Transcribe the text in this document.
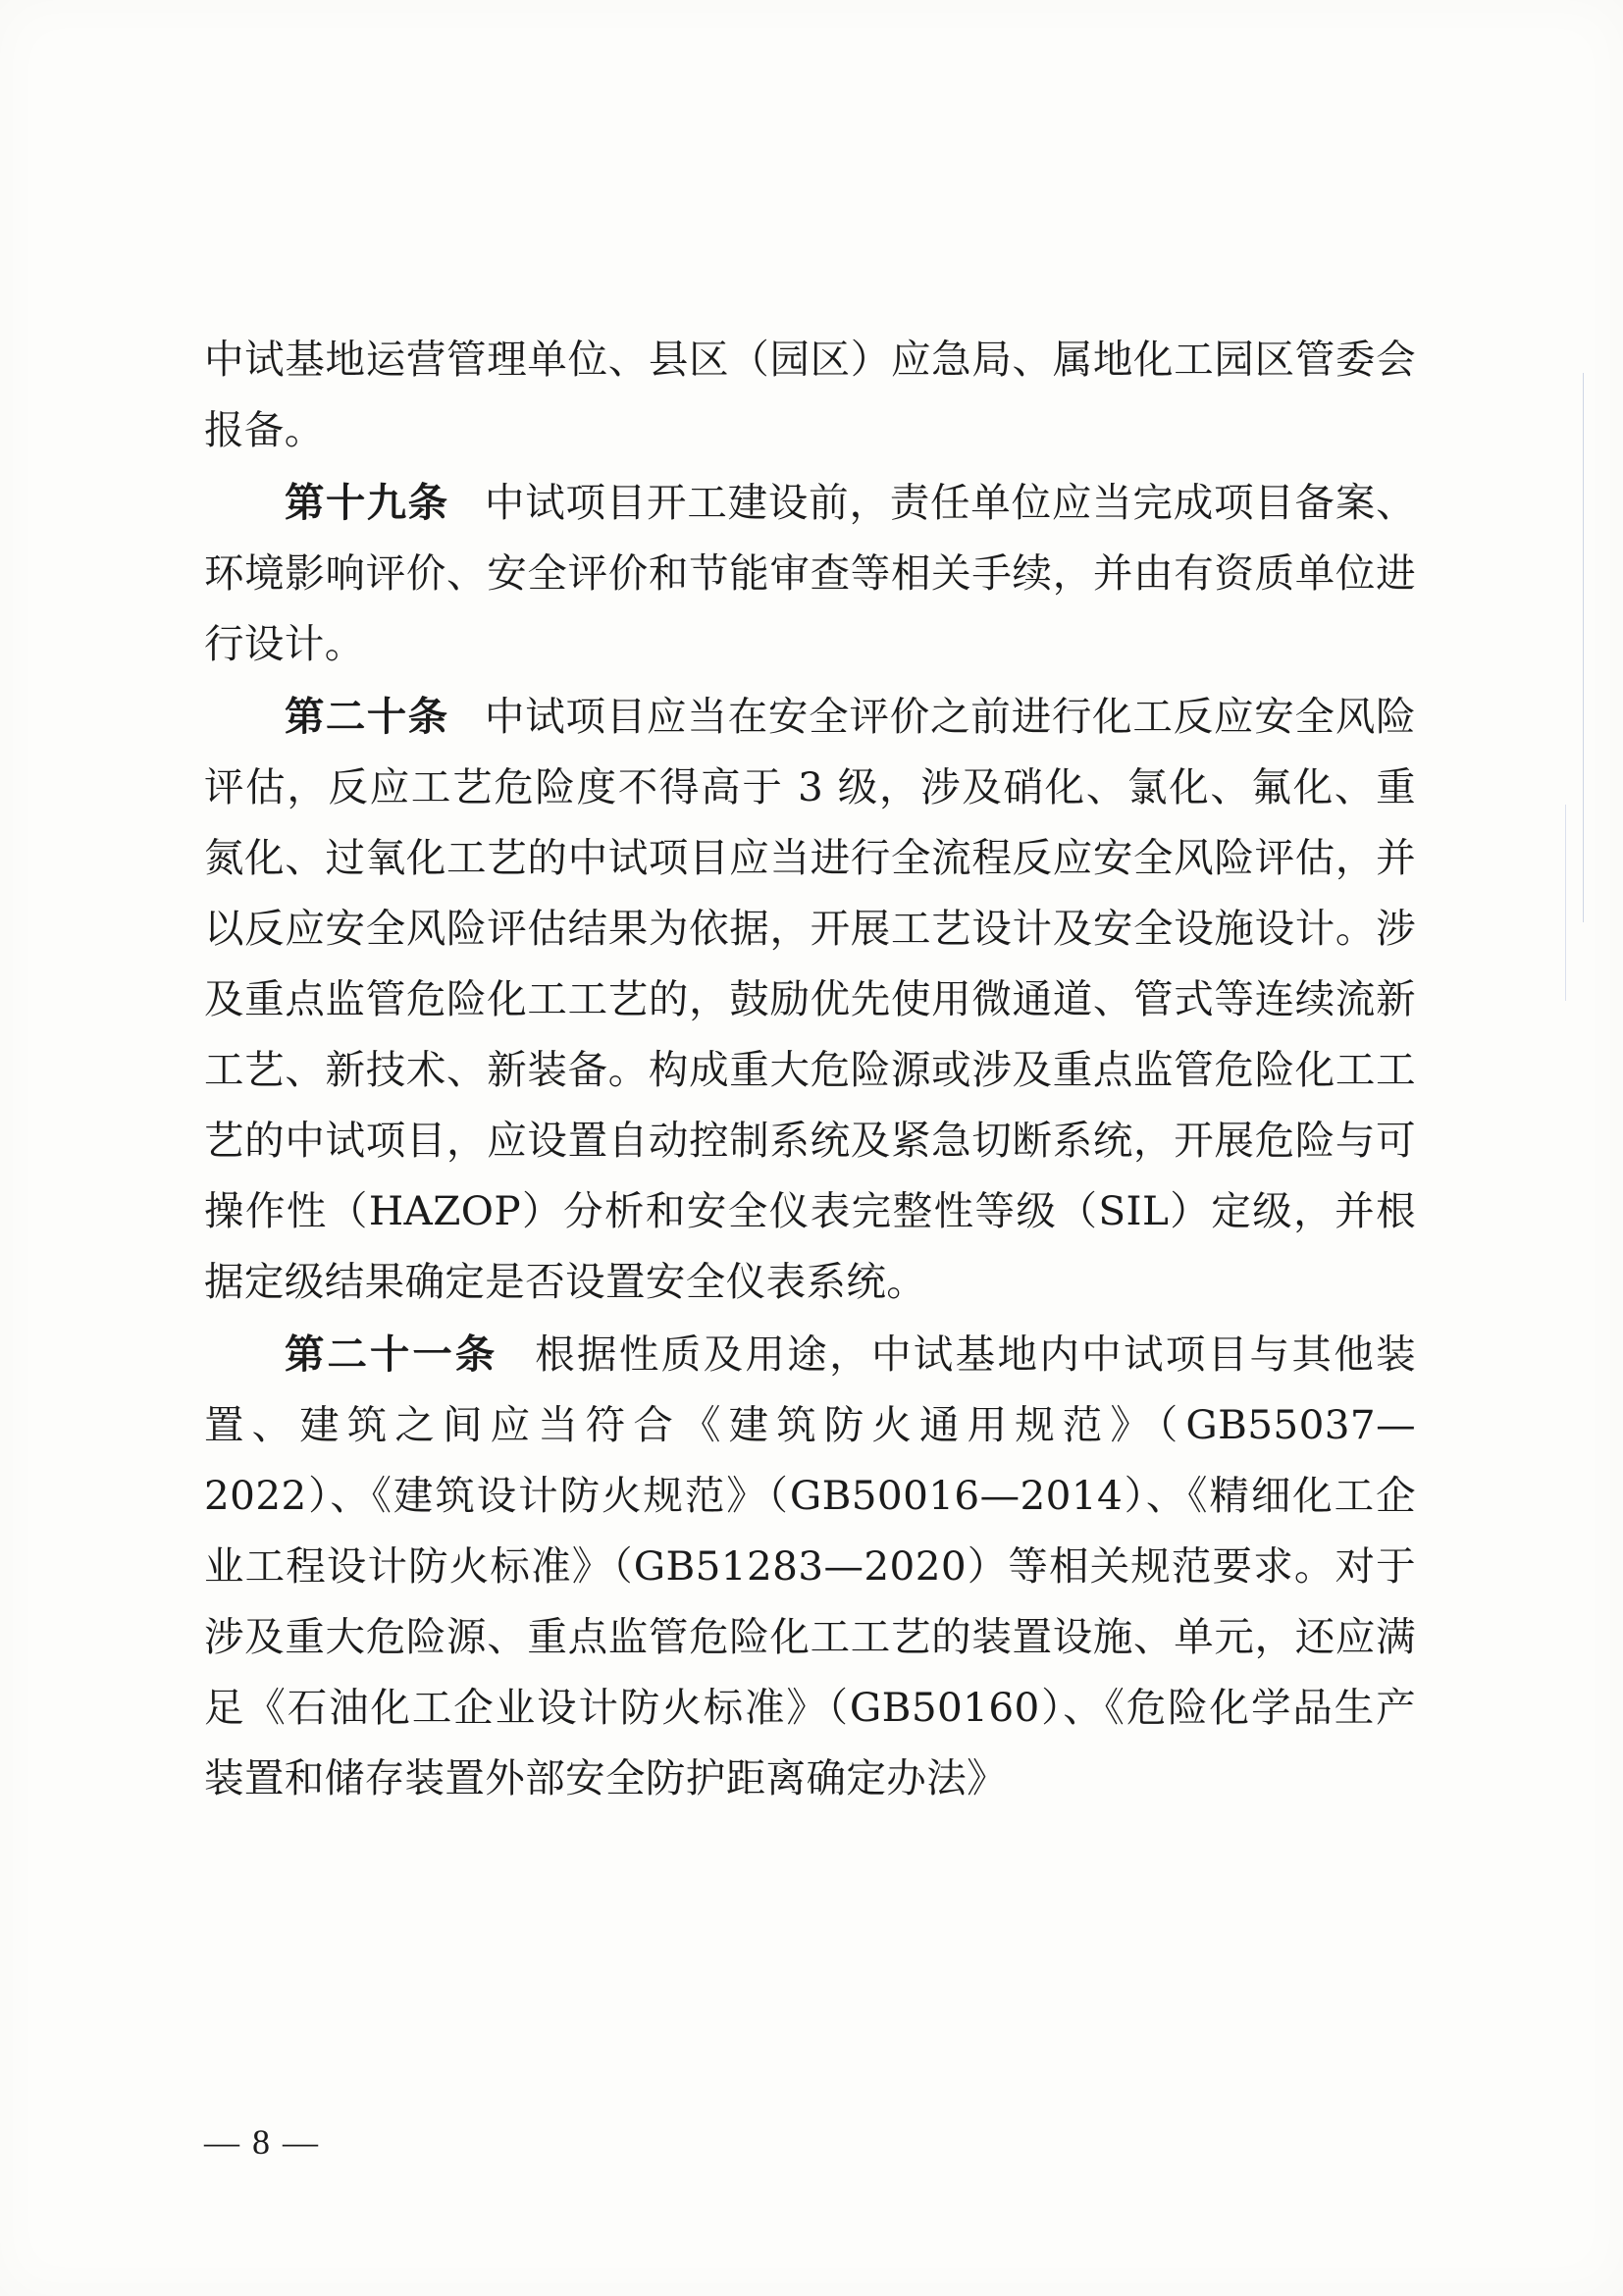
中试基地运营管理单位、县区（园区）应急局、属地化工园区管委会报备。

第十九条 中试项目开工建设前，责任单位应当完成项目备案、环境影响评价、安全评价和节能审查等相关手续，并由有资质单位进行设计。

第二十条 中试项目应当在安全评价之前进行化工反应安全风险评估，反应工艺危险度不得高于 3 级，涉及硝化、氯化、氟化、重氮化、过氧化工艺的中试项目应当进行全流程反应安全风险评估，并以反应安全风险评估结果为依据，开展工艺设计及安全设施设计。涉及重点监管危险化工工艺的，鼓励优先使用微通道、管式等连续流新工艺、新技术、新装备。构成重大危险源或涉及重点监管危险化工工艺的中试项目，应设置自动控制系统及紧急切断系统，开展危险与可操作性（HAZOP）分析和安全仪表完整性等级（SIL）定级，并根据定级结果确定是否设置安全仪表系统。

第二十一条 根据性质及用途，中试基地内中试项目与其他装置、建筑之间应当符合《建筑防火通用规范》（GB55037—2022）、《建筑设计防火规范》（GB50016—2014）、《精细化工企业工程设计防火标准》（GB51283—2020）等相关规范要求。对于涉及重大危险源、重点监管危险化工工艺的装置设施、单元，还应满足《石油化工企业设计防火标准》（GB50160）、《危险化学品生产装置和储存装置外部安全防护距离确定办法》

— 8 —
